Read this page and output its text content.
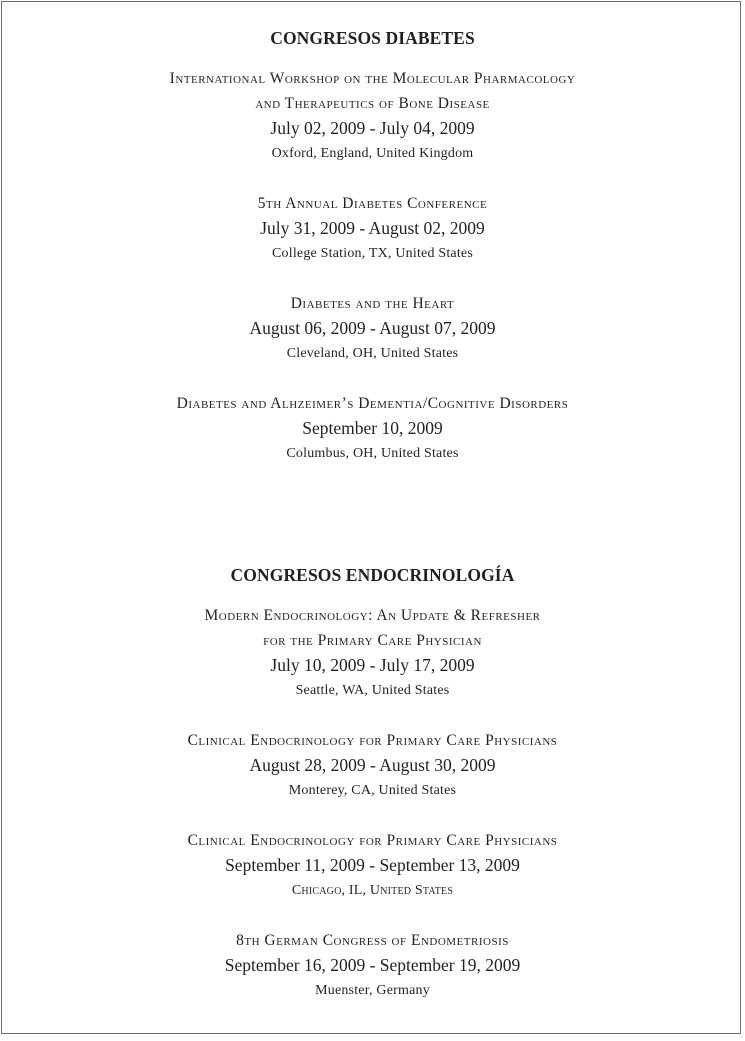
CONGRESOS DIABETES
International Workshop on the Molecular Pharmacology
and Therapeutics of Bone Disease
July 02, 2009 - July 04, 2009
Oxford, England, United Kingdom
5th Annual Diabetes Conference
July 31, 2009 - August 02, 2009
College Station, TX, United States
Diabetes and the Heart
August 06, 2009 - August 07, 2009
Cleveland, OH, United States
Diabetes and Alhzeimer’s Dementia/Cognitive Disorders
September 10, 2009
Columbus, OH, United States
CONGRESOS ENDOCRINOLOGÍA
Modern Endocrinology: An Update & Refresher
for the Primary Care Physician
July 10, 2009 - July 17, 2009
Seattle, WA, United States
Clinical Endocrinology for Primary Care Physicians
August 28, 2009 - August 30, 2009
Monterey, CA, United States
Clinical Endocrinology for Primary Care Physicians
September 11, 2009 - September 13, 2009
Chicago, IL, United States
8th German Congress of Endometriosis
September 16, 2009 - September 19, 2009
Muenster, Germany
